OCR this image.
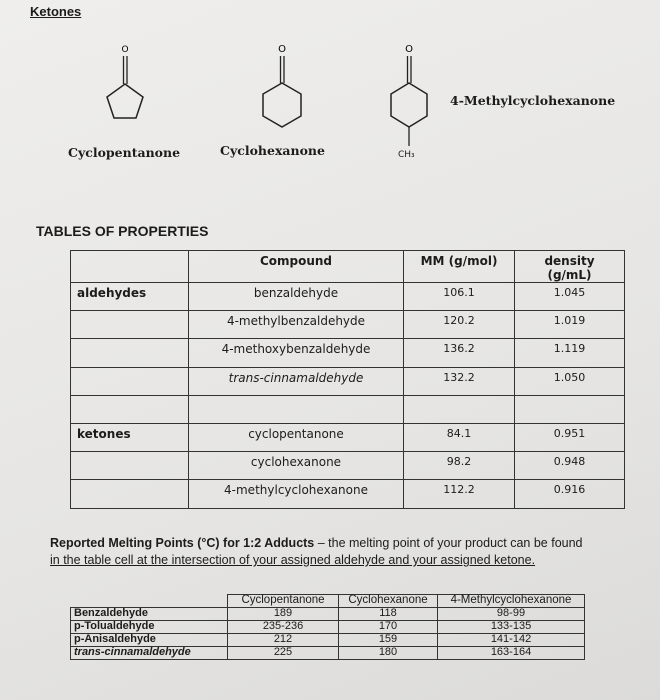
Ketones
O	O	O
CH₃
Cyclopentanone	Cyclohexanone
4-Methylcyclohexanone
TABLES OF PROPERTIES
	Compound	MM (g/mol)	density (g/mL)
aldehydes	benzaldehyde	106.1	1.045
	4-methylbenzaldehyde	120.2	1.019
	4-methoxybenzaldehyde	136.2	1.119
	trans-cinnamaldehyde	132.2	1.050

ketones	cyclopentanone	84.1	0.951
	cyclohexanone	98.2	0.948
	4-methylcyclohexanone	112.2	0.916
Reported Melting Points (°C) for 1:2 Adducts – the melting point of your product can be found
in the table cell at the intersection of your assigned aldehyde and your assigned ketone.
	Cyclopentanone	Cyclohexanone	4-Methylcyclohexanone
Benzaldehyde	189	118	98-99
p-Tolualdehyde	235-236	170	133-135
p-Anisaldehyde	212	159	141-142
trans-cinnamaldehyde	225	180	163-164
